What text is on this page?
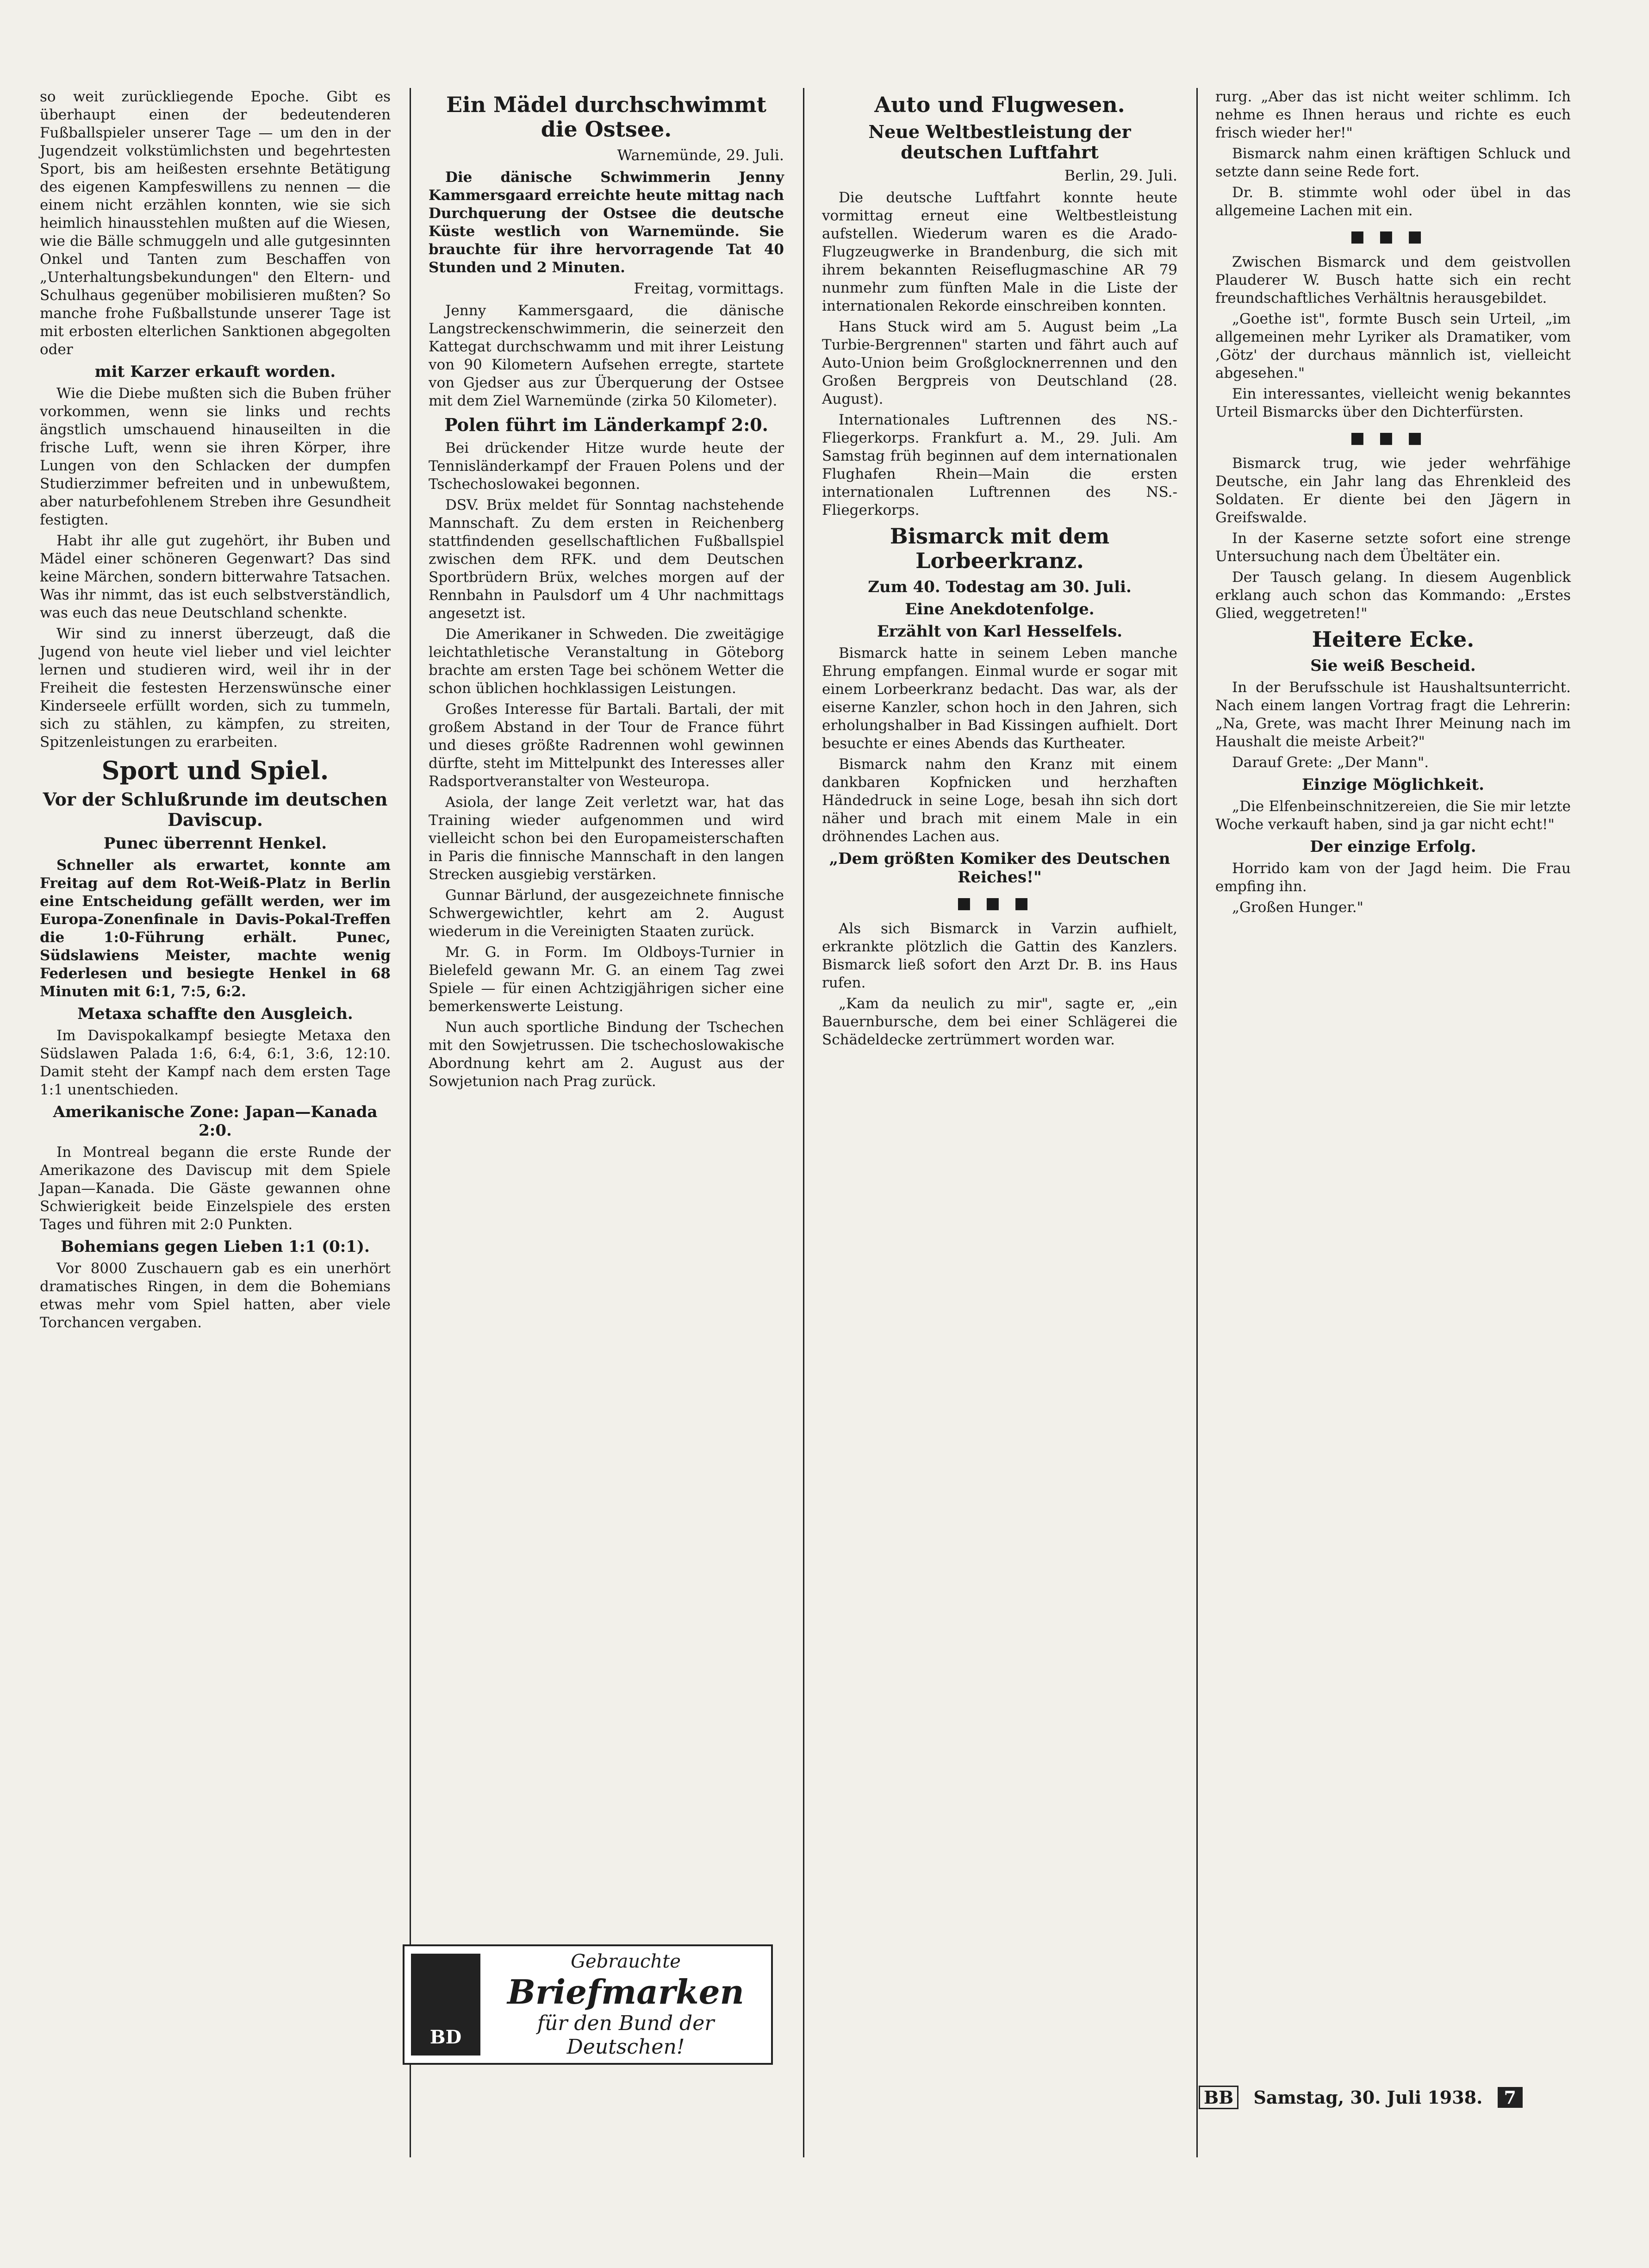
so weit zurückliegende Epoche. Gibt es überhaupt einen der bedeutenderen Fußballspieler unserer Tage — um den in der Jugendzeit volkstümlichsten und begehrtesten Sport, bis am heißesten ersehnte Betätigung des eigenen Kampfeswillens zu nennen — die einem nicht erzählen konnten, wie sie sich heimlich hinausstehlen mußten auf die Wiesen, wie die Bälle schmuggeln und alle gutgesinnten Onkel und Tanten zum Beschaffen von „Unterhaltungsbekundungen" den Eltern- und Schulhaus gegenüber mobilisieren mußten? So manche frohe Fußballstunde unserer Tage ist mit erbosten elterlichen Sanktionen abgegolten oder

mit Karzer erkauft worden.

Wie die Diebe mußten sich die Buben früher vorkommen, wenn sie links und rechts ängstlich umschauend hinauseilten in die frische Luft, wenn sie ihren Körper, ihre Lungen von den Schlacken der dumpfen Studierzimmer befreiten und in unbewußtem, aber naturbefohlenem Streben ihre Gesundheit festigten.

Habt ihr alle gut zugehört, ihr Buben und Mädel einer schöneren Gegenwart? Das sind keine Märchen, sondern bitterwahre Tatsachen. Was ihr nimmt, das ist euch selbstverständlich, was euch das neue Deutschland schenkte.

Wir sind zu innerst überzeugt, daß die Jugend von heute viel lieber und viel leichter lernen und studieren wird, weil ihr in der Freiheit die festesten Herzenswünsche einer Kinderseele erfüllt worden, sich zu tummeln, sich zu stählen, zu kämpfen, zu streiten, Spitzenleistungen zu erarbeiten.

Sport und Spiel.
Vor der Schlußrunde im deutschen Daviscup.
Punec überrennt Henkel.

Schneller als erwartet, konnte am Freitag auf dem Rot-Weiß-Platz in Berlin eine Entscheidung gefällt werden, wer im Europa-Zonenfinale in Davis-Pokal-Treffen die 1:0-Führung erhält. Punec, Südslawiens Meister, machte wenig Federlesen und besiegte Henkel in 68 Minuten mit 6:1, 7:5, 6:2.

Metaxa schaffte den Ausgleich.

Im Davispokalkampf besiegte Metaxa den Südslawen Palada 1:6, 6:4, 6:1, 3:6, 12:10. Damit steht der Kampf nach dem ersten Tage 1:1 unentschieden.

Amerikanische Zone: Japan—Kanada 2:0.

In Montreal begann die erste Runde der Amerikazone des Daviscup mit dem Spiele Japan—Kanada. Die Gäste gewannen ohne Schwierigkeit beide Einzelspiele des ersten Tages und führen mit 2:0 Punkten.

Bohemians gegen Lieben 1:1 (0:1).

Vor 8000 Zuschauern gab es ein unerhört dramatisches Ringen, in dem die Bohemians etwas mehr vom Spiel hatten, aber viele Torchancen vergaben.

Ein Mädel durchschwimmt die Ostsee.
Warnemünde, 29. Juli.

Die dänische Schwimmerin Jenny Kammersgaard erreichte heute mittag nach Durchquerung der Ostsee die deutsche Küste westlich von Warnemünde. Sie brauchte für ihre hervorragende Tat 40 Stunden und 2 Minuten.

Freitag, vormittags.

Jenny Kammersgaard, die dänische Langstreckenschwimmerin, die seinerzeit den Kattegat durchschwamm und mit ihrer Leistung von 90 Kilometern Aufsehen erregte, startete von Gjedser aus zur Überquerung der Ostsee mit dem Ziel Warnemünde (zirka 50 Kilometer).

Polen führt im Länderkampf 2:0.

Bei drückender Hitze wurde heute der Tennisländerkampf der Frauen Polens und der Tschechoslowakei begonnen.

DSV. Brüx meldet für Sonntag nachstehende Mannschaft. Zu dem ersten in Reichenberg stattfindenden gesellschaftlichen Fußballspiel zwischen dem RFK. und dem Deutschen Sportbrüdern Brüx, welches morgen auf der Rennbahn in Paulsdorf um 4 Uhr nachmittags angesetzt ist.

Die Amerikaner in Schweden. Die zweitägige leichtathletische Veranstaltung in Göteborg brachte am ersten Tage bei schönem Wetter die schon üblichen hochklassigen Leistungen.

Großes Interesse für Bartali. Bartali, der mit großem Abstand in der Tour de France führt und dieses größte Radrennen wohl gewinnen dürfte, steht im Mittelpunkt des Interesses aller Radsportveranstalter von Westeuropa.

Asiola, der lange Zeit verletzt war, hat das Training wieder aufgenommen und wird vielleicht schon bei den Europameisterschaften in Paris die finnische Mannschaft in den langen Strecken ausgiebig verstärken.

Gunnar Bärlund, der ausgezeichnete finnische Schwergewichtler, kehrt am 2. August wiederum in die Vereinigten Staaten zurück.

Mr. G. in Form. Im Oldboys-Turnier in Bielefeld gewann Mr. G. an einem Tag zwei Spiele — für einen Achtzigjährigen sicher eine bemerkenswerte Leistung.

Nun auch sportliche Bindung der Tschechen mit den Sowjetrussen. Die tschechoslowakische Abordnung kehrt am 2. August aus der Sowjetunion nach Prag zurück.

Auto und Flugwesen.
Neue Weltbestleistung der deutschen Luftfahrt
Berlin, 29. Juli.

Die deutsche Luftfahrt konnte heute vormittag erneut eine Weltbestleistung aufstellen. Wiederum waren es die Arado-Flugzeugwerke in Brandenburg, die sich mit ihrem bekannten Reiseflugmaschine AR 79 nunmehr zum fünften Male in die Liste der internationalen Rekorde einschreiben konnten.

Hans Stuck wird am 5. August beim „La Turbie-Bergrennen" starten und fährt auch auf Auto-Union beim Großglocknerrennen und den Großen Bergpreis von Deutschland (28. August).

Internationales Luftrennen des NS.-Fliegerkorps. Frankfurt a. M., 29. Juli. Am Samstag früh beginnen auf dem internationalen Flughafen Rhein—Main die ersten internationalen Luftrennen des NS.-Fliegerkorps.

Bismarck mit dem Lorbeerkranz.
Zum 40. Todestag am 30. Juli.
Eine Anekdotenfolge.
Erzählt von Karl Hesselfels.

Bismarck hatte in seinem Leben manche Ehrung empfangen. Einmal wurde er sogar mit einem Lorbeerkranz bedacht. Das war, als der eiserne Kanzler, schon hoch in den Jahren, sich erholungshalber in Bad Kissingen aufhielt. Dort besuchte er eines Abends das Kurtheater.

Bismarck nahm den Kranz mit einem dankbaren Kopfnicken und herzhaften Händedruck in seine Loge, besah ihn sich dort näher und brach mit einem Male in ein dröhnendes Lachen aus.

„Dem größten Komiker des Deutschen Reiches!"
■■■

Als sich Bismarck in Varzin aufhielt, erkrankte plötzlich die Gattin des Kanzlers. Bismarck ließ sofort den Arzt Dr. B. ins Haus rufen.

„Kam da neulich zu mir", sagte er, „ein Bauernbursche, dem bei einer Schlägerei die Schädeldecke zertrümmert worden war.

rurg. „Aber das ist nicht weiter schlimm. Ich nehme es Ihnen heraus und richte es euch frisch wieder her!"

Bismarck nahm einen kräftigen Schluck und setzte dann seine Rede fort.

Dr. B. stimmte wohl oder übel in das allgemeine Lachen mit ein.

■■■

Zwischen Bismarck und dem geistvollen Plauderer W. Busch hatte sich ein recht freundschaftliches Verhältnis herausgebildet.

„Goethe ist", formte Busch sein Urteil, „im allgemeinen mehr Lyriker als Dramatiker, vom ‚Götz' der durchaus männlich ist, vielleicht abgesehen."

Ein interessantes, vielleicht wenig bekanntes Urteil Bismarcks über den Dichterfürsten.

■■■

Bismarck trug, wie jeder wehrfähige Deutsche, ein Jahr lang das Ehrenkleid des Soldaten. Er diente bei den Jägern in Greifswalde.

In der Kaserne setzte sofort eine strenge Untersuchung nach dem Übeltäter ein.

Der Tausch gelang. In diesem Augenblick erklang auch schon das Kommando: „Erstes Glied, weggetreten!"

Heitere Ecke.
Sie weiß Bescheid.

In der Berufsschule ist Haushaltsunterricht. Nach einem langen Vortrag fragt die Lehrerin: „Na, Grete, was macht Ihrer Meinung nach im Haushalt die meiste Arbeit?"

Darauf Grete: „Der Mann".

Einzige Möglichkeit.

„Die Elfenbeinschnitzereien, die Sie mir letzte Woche verkauft haben, sind ja gar nicht echt!"

Der einzige Erfolg.

Horrido kam von der Jagd heim. Die Frau empfing ihn.

„Großen Hunger."

BD
Gebrauchte
Briefmarken
für den Bund der Deutschen!
BB Samstag, 30. Juli 1938.	7
